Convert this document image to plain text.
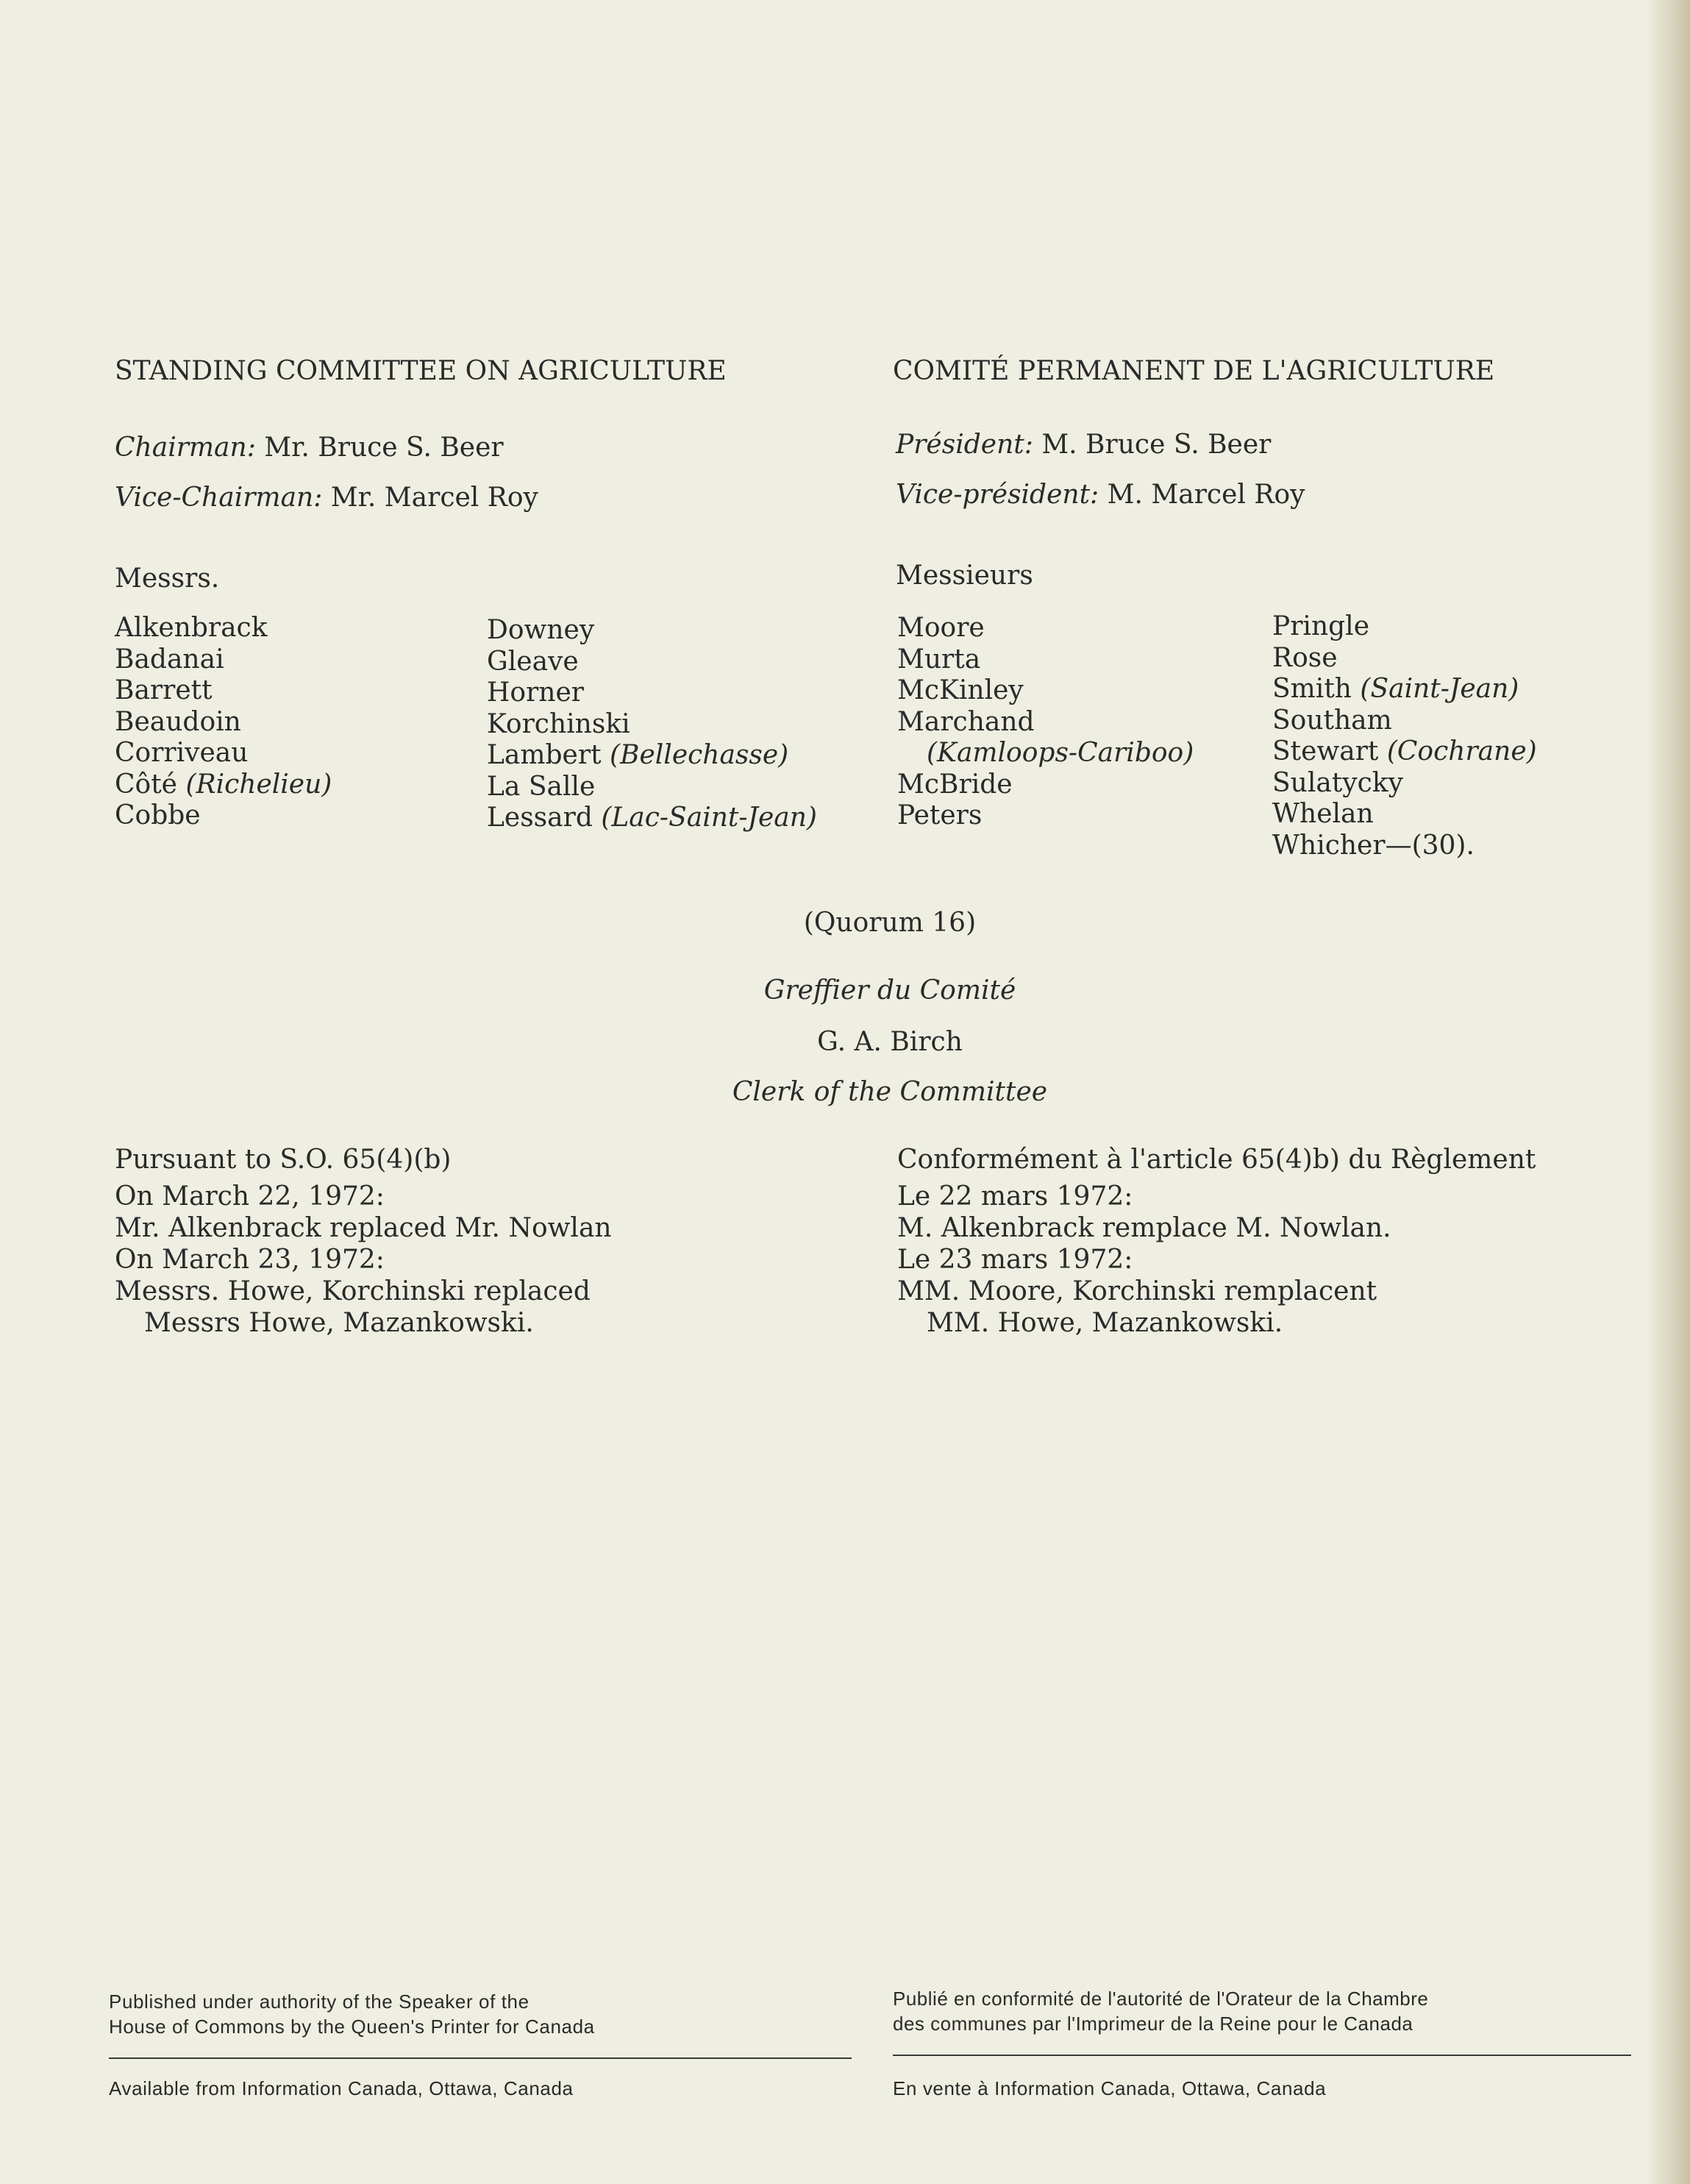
STANDING COMMITTEE ON AGRICULTURE
Chairman: Mr. Bruce S. Beer
Vice-Chairman: Mr. Marcel Roy
Messrs.
Alkenbrack
Badanai
Barrett
Beaudoin
Corriveau
Côté (Richelieu)
Cobbe
Downey
Gleave
Horner
Korchinski
Lambert (Bellechasse)
La Salle
Lessard (Lac-Saint-Jean)
COMITÉ PERMANENT DE L'AGRICULTURE
Président: M. Bruce S. Beer
Vice-président: M. Marcel Roy
Messieurs
Moore
Murta
McKinley
Marchand
(Kamloops-Cariboo)
McBride
Peters
Pringle
Rose
Smith (Saint-Jean)
Southam
Stewart (Cochrane)
Sulatycky
Whelan
Whicher—(30).
(Quorum 16)
Greffier du Comité
G. A. Birch
Clerk of the Committee
Pursuant to S.O. 65(4)(b)
On March 22, 1972:
Mr. Alkenbrack replaced Mr. Nowlan
On March 23, 1972:
Messrs. Howe, Korchinski replaced
Messrs Howe, Mazankowski.
Conformément à l'article 65(4)b) du Règlement
Le 22 mars 1972:
M. Alkenbrack remplace M. Nowlan.
Le 23 mars 1972:
MM. Moore, Korchinski remplacent
MM. Howe, Mazankowski.
Published under authority of the Speaker of the
House of Commons by the Queen's Printer for Canada
Available from Information Canada, Ottawa, Canada
Publié en conformité de l'autorité de l'Orateur de la Chambre
des communes par l'Imprimeur de la Reine pour le Canada
En vente à Information Canada, Ottawa, Canada
